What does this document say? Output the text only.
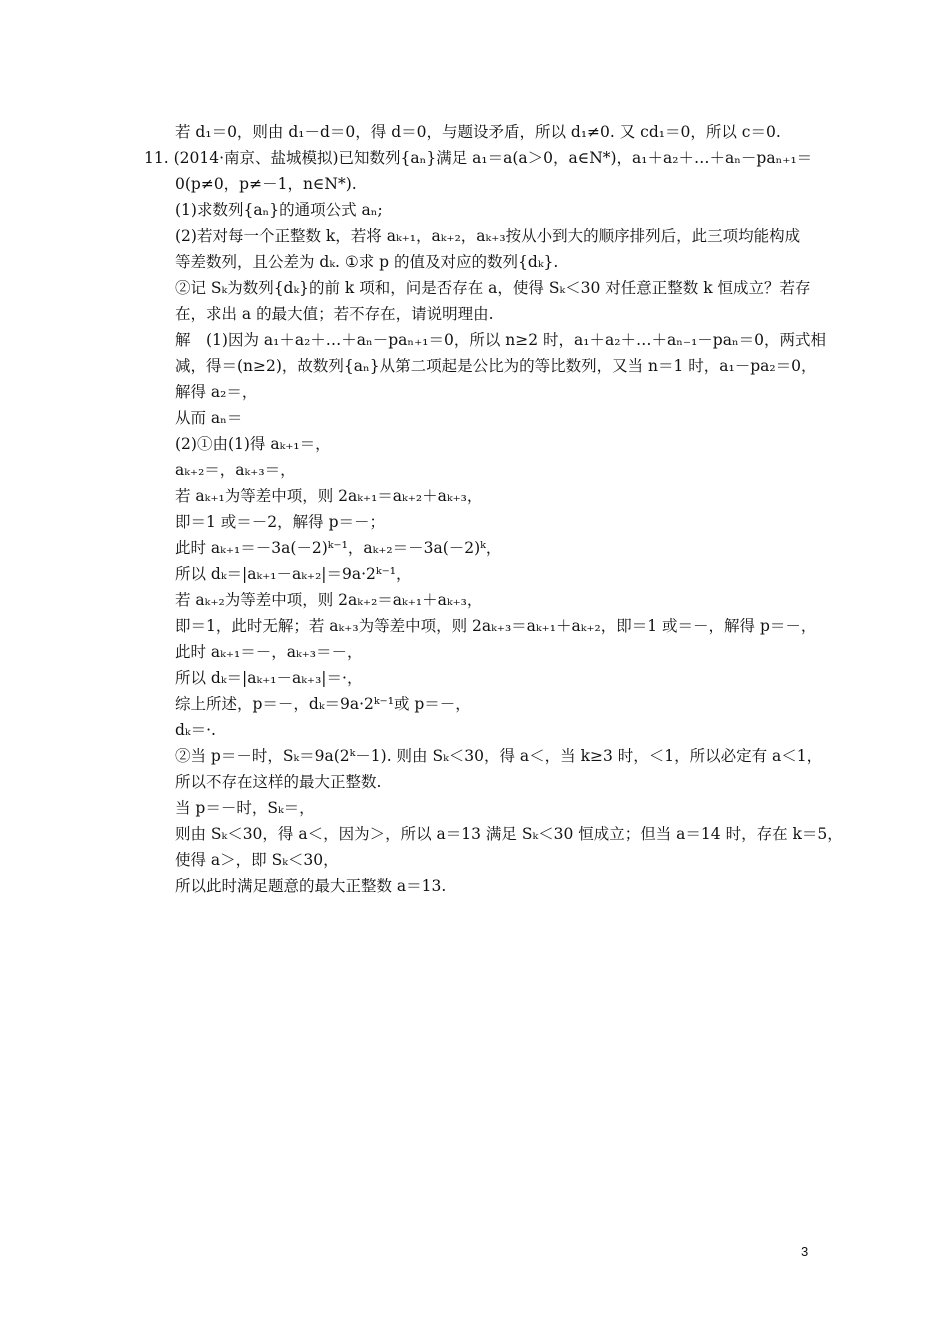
若 d₁＝0，则由 d₁－d＝0，得 d＝0，与题设矛盾，所以 d₁≠0. 又 cd₁＝0，所以 c＝0.
11. (2014·南京、盐城模拟)已知数列{aₙ}满足 a₁＝a(a＞0，a∈N*)，a₁＋a₂＋…＋aₙ－paₙ₊₁＝
0(p≠0，p≠－1，n∈N*).
(1)求数列{aₙ}的通项公式 aₙ;
(2)若对每一个正整数 k，若将 aₖ₊₁，aₖ₊₂，aₖ₊₃按从小到大的顺序排列后，此三项均能构成
等差数列，且公差为 dₖ. ①求 p 的值及对应的数列{dₖ}.
②记 Sₖ为数列{dₖ}的前 k 项和，问是否存在 a，使得 Sₖ＜30 对任意正整数 k 恒成立？若存
在，求出 a 的最大值；若不存在，请说明理由.
解　(1)因为 a₁＋a₂＋…＋aₙ－paₙ₊₁＝0，所以 n≥2 时，a₁＋a₂＋…＋aₙ₋₁－paₙ＝0，两式相
减，得＝(n≥2)，故数列{aₙ}从第二项起是公比为的等比数列，又当 n＝1 时，a₁－pa₂＝0，
解得 a₂＝，
从而 aₙ＝
(2)①由(1)得 aₖ₊₁＝，
aₖ₊₂＝，aₖ₊₃＝，
若 aₖ₊₁为等差中项，则 2aₖ₊₁＝aₖ₊₂＋aₖ₊₃，
即＝1 或＝－2，解得 p＝－；
此时 aₖ₊₁＝－3a(－2)ᵏ⁻¹，aₖ₊₂＝－3a(－2)ᵏ，
所以 dₖ＝|aₖ₊₁－aₖ₊₂|＝9a·2ᵏ⁻¹，
若 aₖ₊₂为等差中项，则 2aₖ₊₂＝aₖ₊₁＋aₖ₊₃，
即＝1，此时无解；若 aₖ₊₃为等差中项，则 2aₖ₊₃＝aₖ₊₁＋aₖ₊₂，即＝1 或＝－，解得 p＝－，
此时 aₖ₊₁＝－，aₖ₊₃＝－，
所以 dₖ＝|aₖ₊₁－aₖ₊₃|＝·，
综上所述，p＝－，dₖ＝9a·2ᵏ⁻¹或 p＝－，
dₖ＝·.
②当 p＝－时，Sₖ＝9a(2ᵏ－1). 则由 Sₖ＜30，得 a＜，当 k≥3 时，＜1，所以必定有 a＜1，
所以不存在这样的最大正整数.
当 p＝－时，Sₖ＝，
则由 Sₖ＜30，得 a＜，因为＞，所以 a＝13 满足 Sₖ＜30 恒成立；但当 a＝14 时，存在 k＝5，
使得 a＞，即 Sₖ＜30，
所以此时满足题意的最大正整数 a＝13.
3
